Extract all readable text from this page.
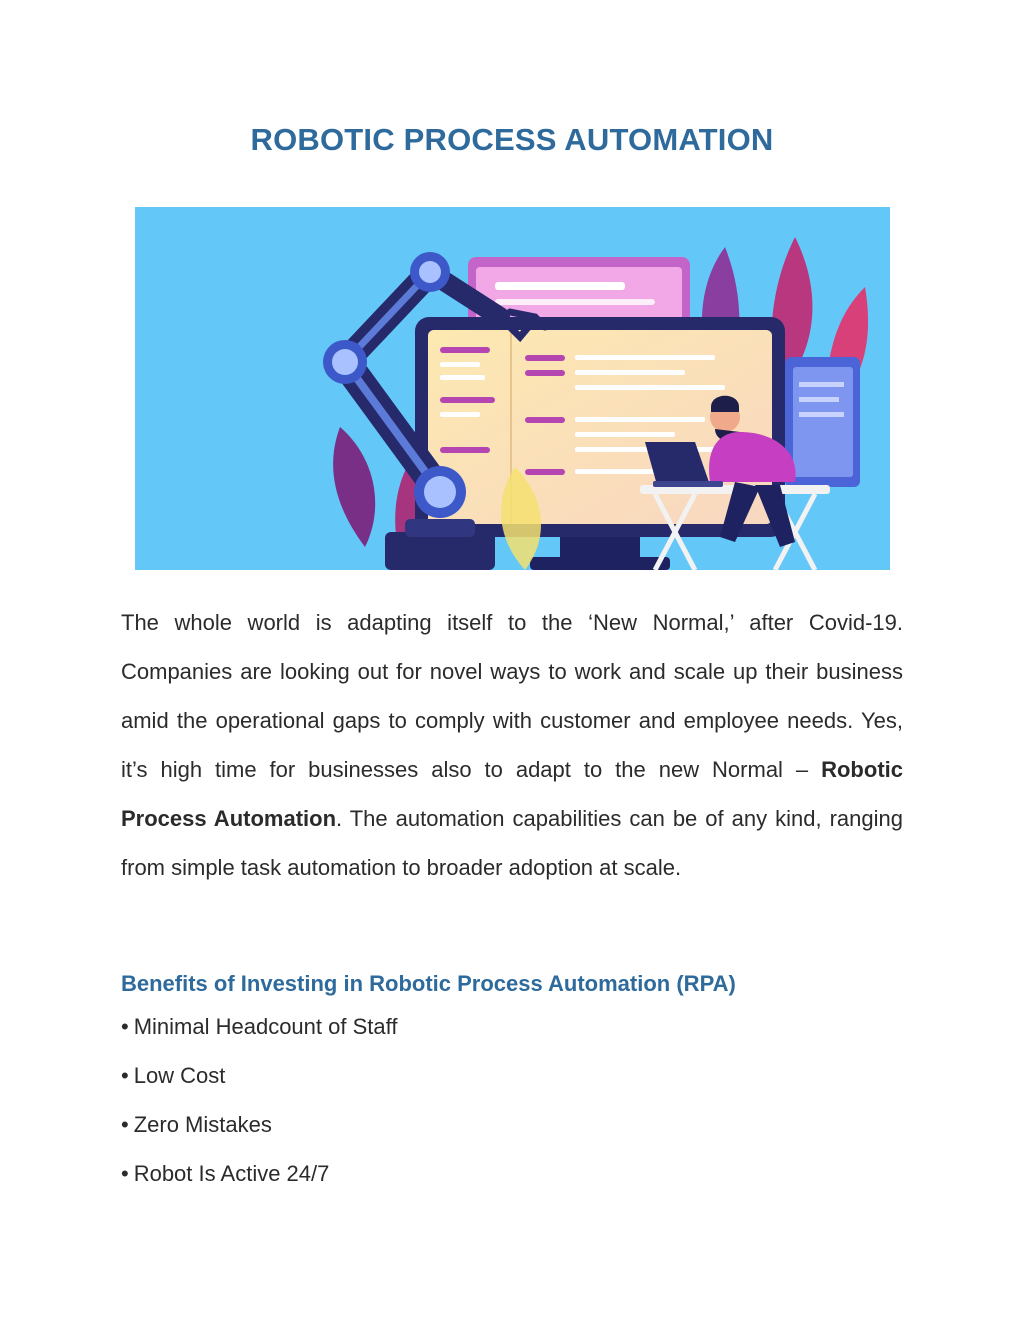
ROBOTIC PROCESS AUTOMATION
The whole world is adapting itself to the ‘New Normal,’ after Covid-19. Companies are looking out for novel ways to work and scale up their business amid the operational gaps to comply with customer and employee needs. Yes, it’s high time for businesses also to adapt to the new Normal – Robotic Process Automation. The automation capabilities can be of any kind, ranging from simple task automation to broader adoption at scale.
Benefits of Investing in Robotic Process Automation (RPA)
• Minimal Headcount of Staff
• Low Cost
• Zero Mistakes
• Robot Is Active 24/7
